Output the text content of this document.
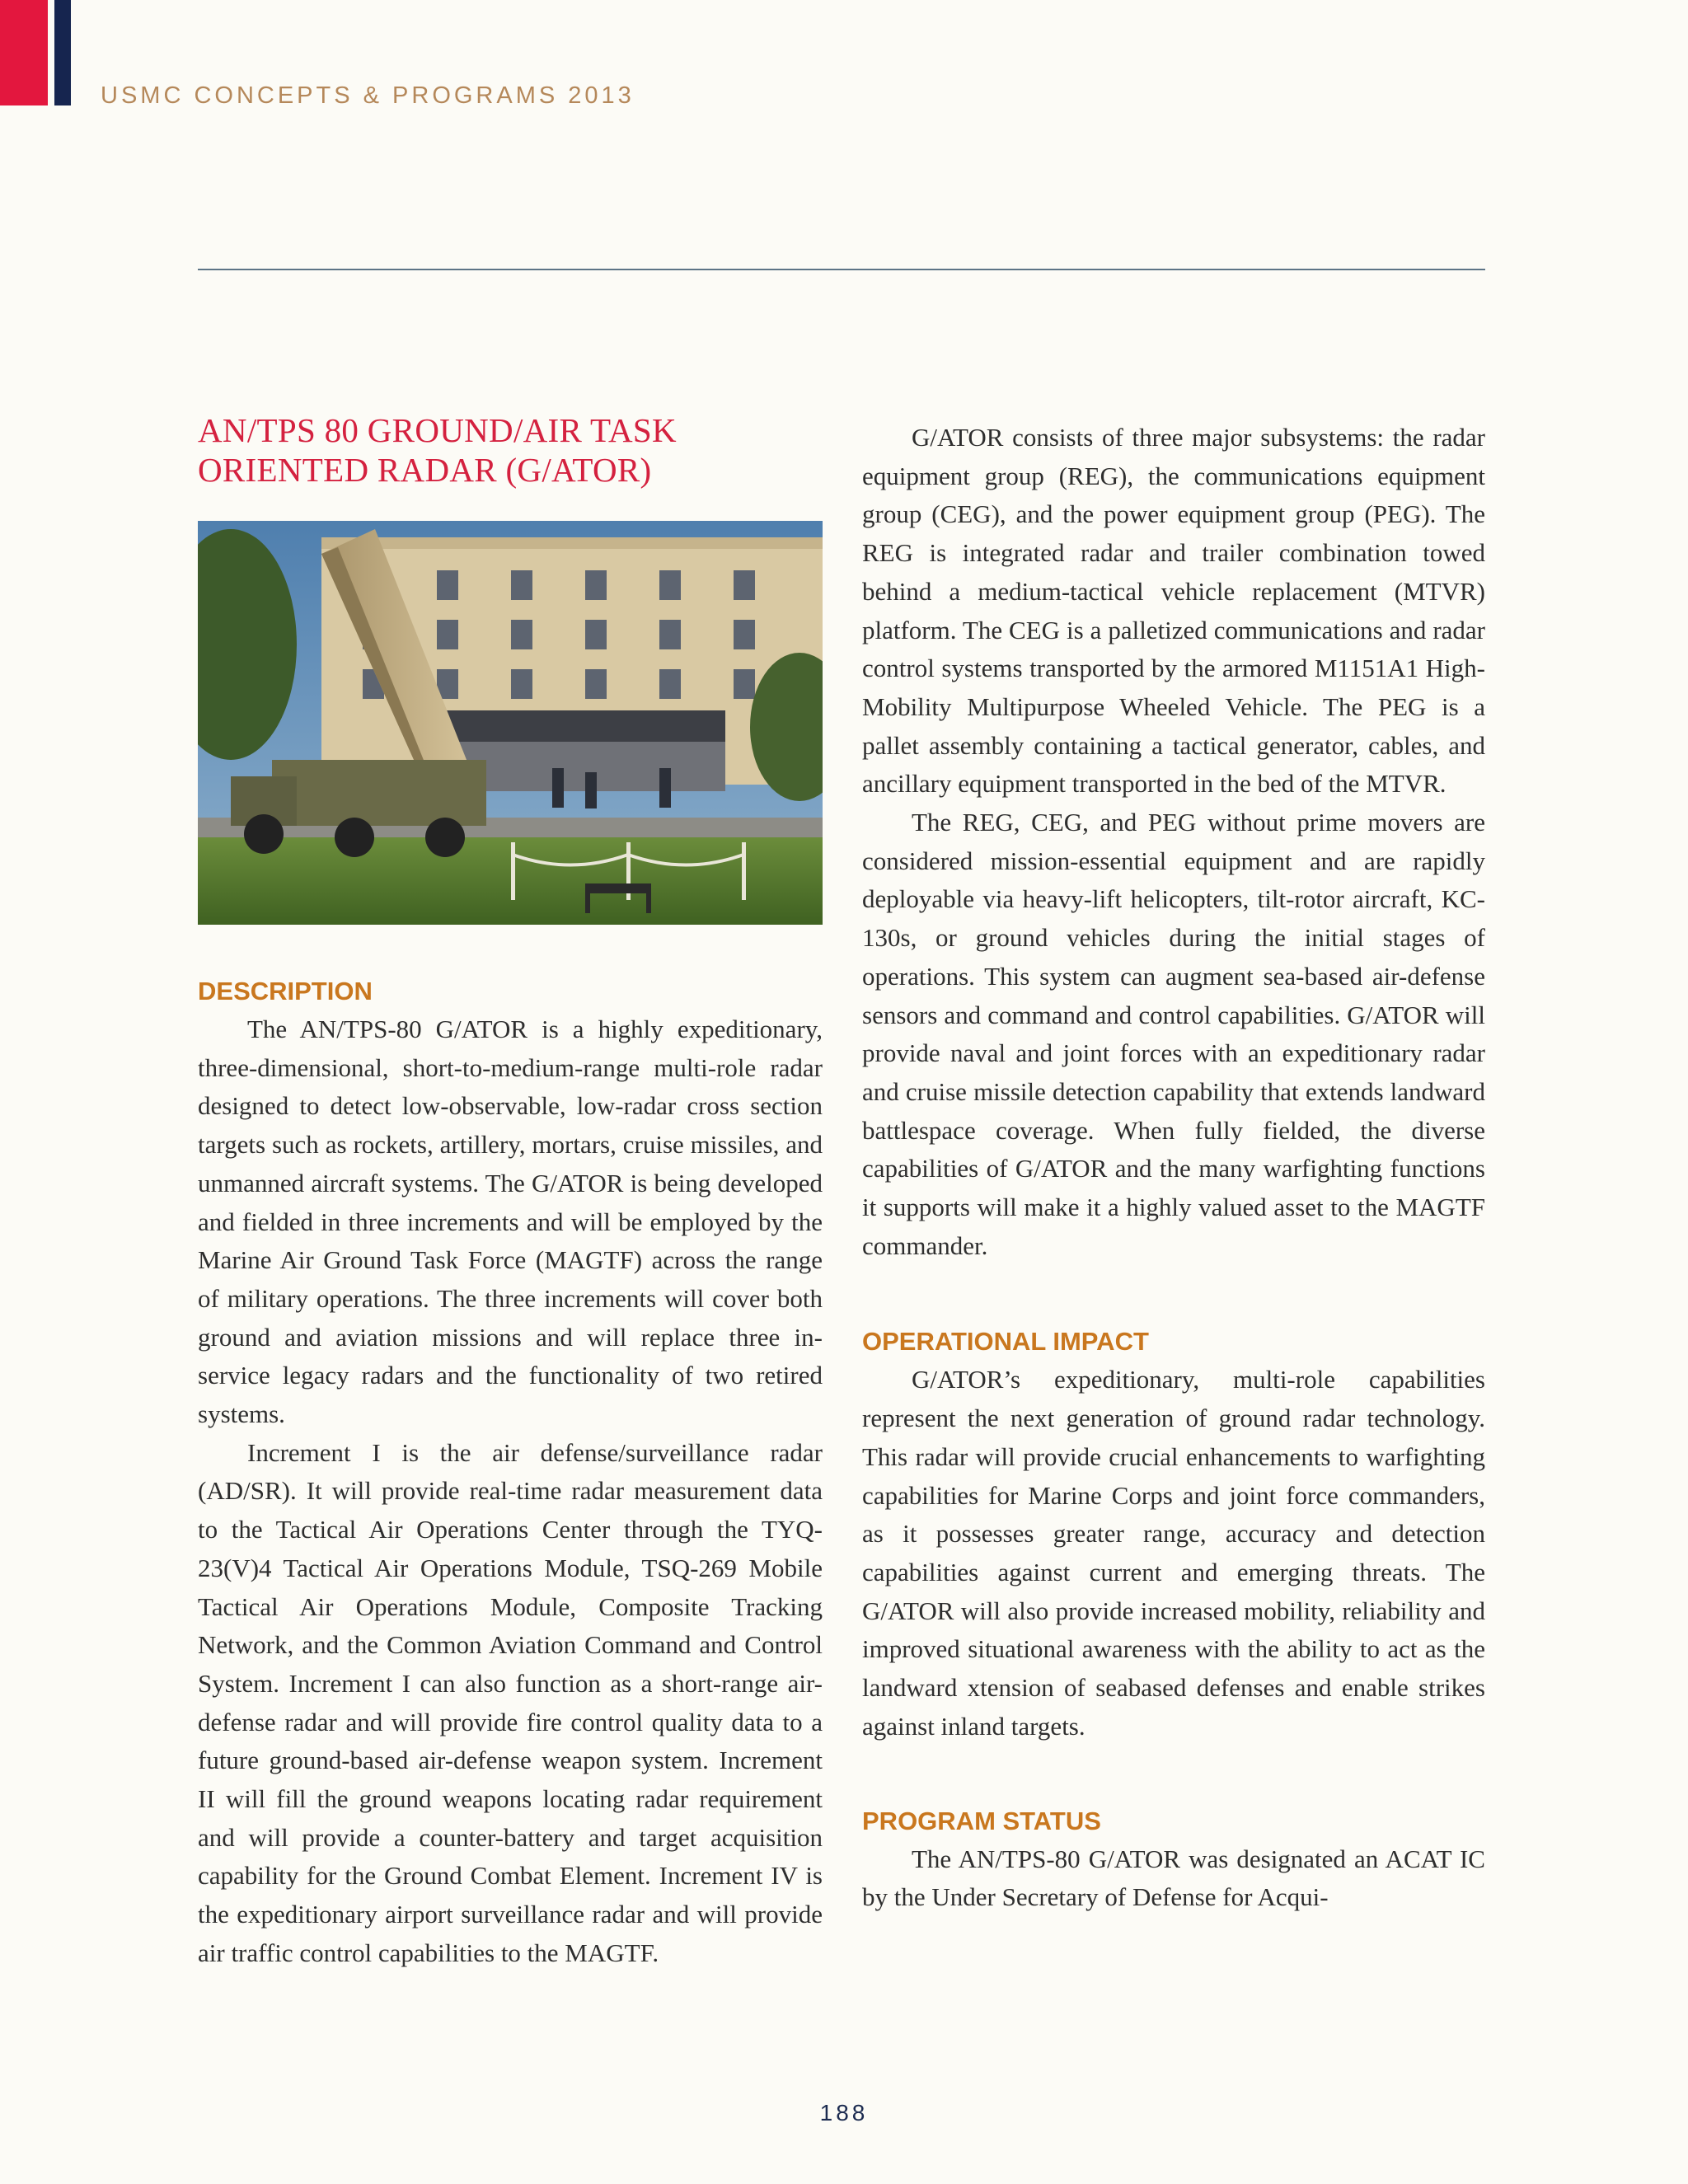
USMC CONCEPTS & PROGRAMS 2013
AN/TPS 80 GROUND/AIR TASK
ORIENTED RADAR (G/ATOR)
DESCRIPTION

The AN/TPS-80 G/ATOR is a highly expeditionary, three-dimensional, short-to-medium-range multi-role radar designed to detect low-observable, low-radar cross section targets such as rockets, artillery, mortars, cruise missiles, and unmanned aircraft systems. The G/ATOR is being developed and fielded in three increments and will be employed by the Marine Air Ground Task Force (MAGTF) across the range of military operations. The three increments will cover both ground and aviation missions and will replace three in-service legacy radars and the functionality of two retired systems.

Increment I is the air defense/surveillance radar (AD/SR). It will provide real-time radar measurement data to the Tactical Air Operations Center through the TYQ-23(V)4 Tactical Air Operations Module, TSQ-269 Mobile Tactical Air Operations Module, Composite Tracking Network, and the Common Aviation Command and Control System. Increment I can also function as a short-range air-defense radar and will provide fire control quality data to a future ground-based air-defense weapon system. Increment II will fill the ground weapons locating radar requirement and will provide a counter-battery and target acquisition capability for the Ground Combat Element. Increment IV is the expeditionary airport surveillance radar and will provide air traffic control capabilities to the MAGTF.

G/ATOR consists of three major subsystems: the radar equipment group (REG), the communications equipment group (CEG), and the power equipment group (PEG). The REG is integrated radar and trailer combination towed behind a medium-tactical vehicle replacement (MTVR) platform. The CEG is a palletized communications and radar control systems transported by the armored M1151A1 High-Mobility Multipurpose Wheeled Vehicle. The PEG is a pallet assembly containing a tactical generator, cables, and ancillary equipment transported in the bed of the MTVR.

The REG, CEG, and PEG without prime movers are considered mission-essential equipment and are rapidly deployable via heavy-lift helicopters, tilt-rotor aircraft, KC-130s, or ground vehicles during the initial stages of operations. This system can augment sea-based air-defense sensors and command and control capabilities. G/ATOR will provide naval and joint forces with an expeditionary radar and cruise missile detection capability that extends landward battlespace coverage. When fully fielded, the diverse capabilities of G/ATOR and the many warfighting functions it supports will make it a highly valued asset to the MAGTF commander.

OPERATIONAL IMPACT

G/ATOR’s expeditionary, multi-role capabilities represent the next generation of ground radar technology. This radar will provide crucial enhancements to warfighting capabilities for Marine Corps and joint force commanders, as it possesses greater range, accuracy and detection capabilities against current and emerging threats. The G/ATOR will also provide increased mobility, reliability and improved situational awareness with the ability to act as the landward xtension of seabased defenses and enable strikes against inland targets.

PROGRAM STATUS

The AN/TPS-80 G/ATOR was designated an ACAT IC by the Under Secretary of Defense for Acqui-

188
